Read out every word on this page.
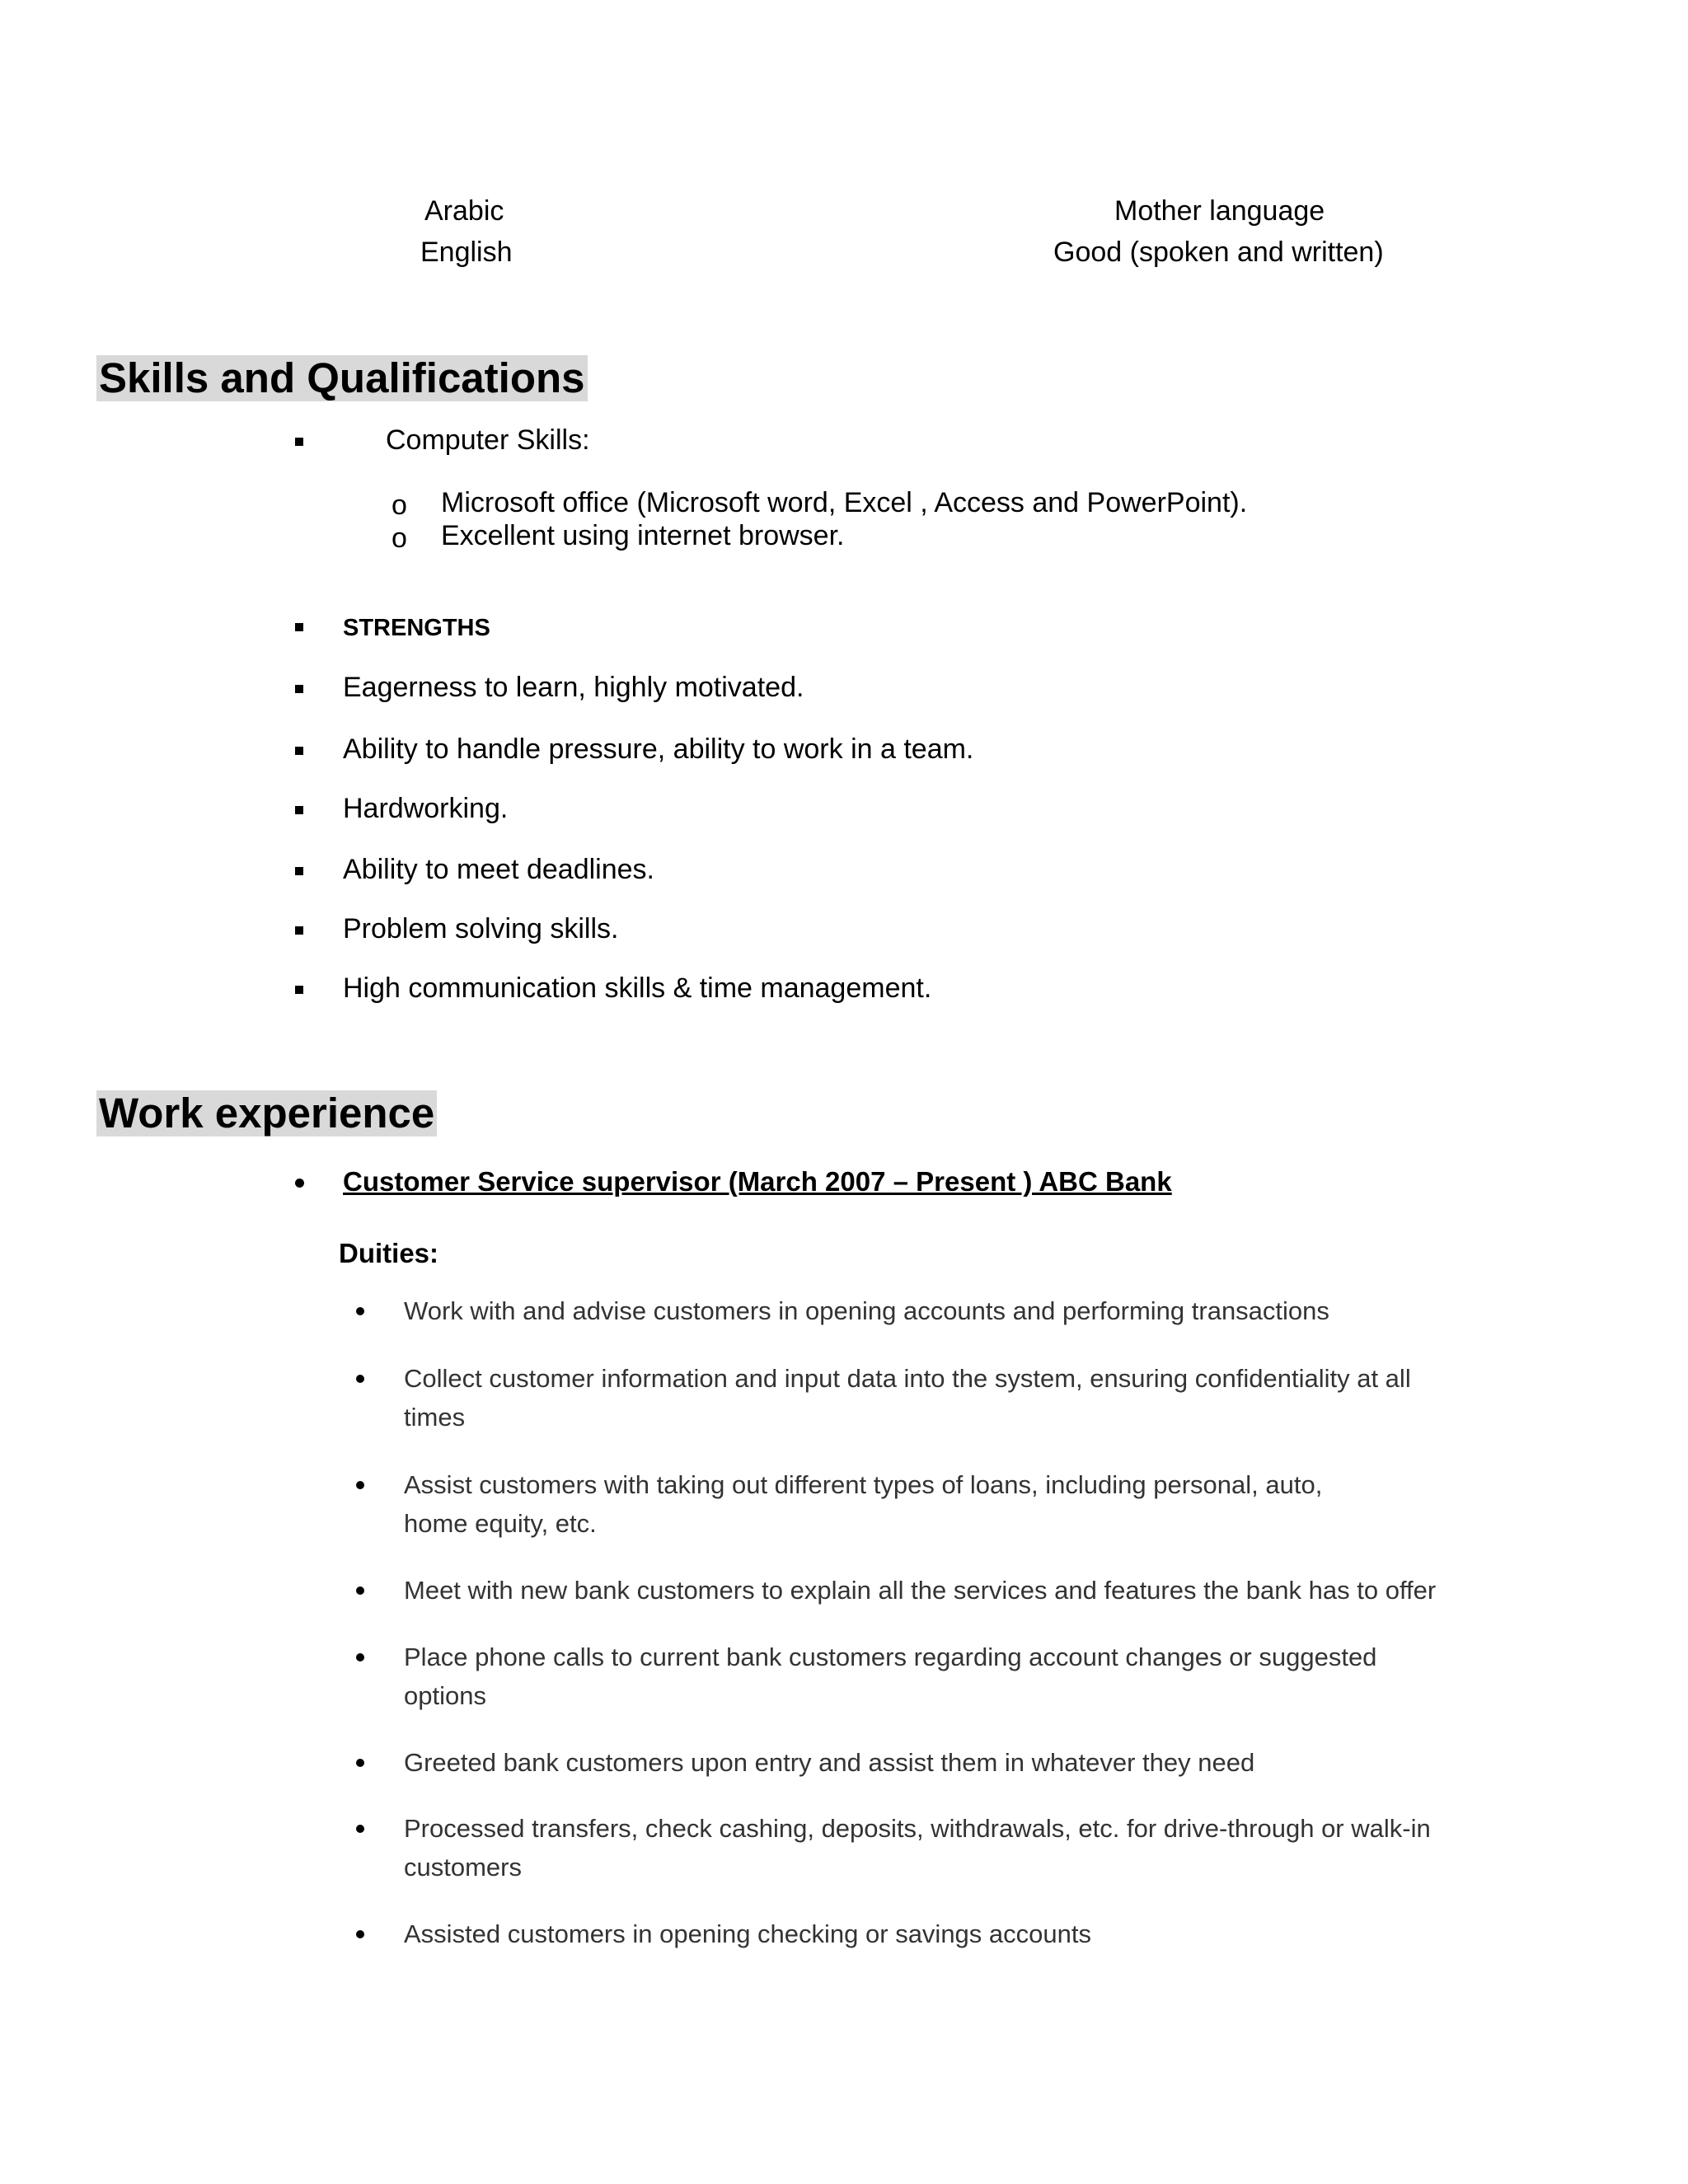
Arabic	Mother language
English	Good (spoken and written)
Skills and Qualifications
Computer Skills:
o Microsoft office (Microsoft word, Excel , Access and PowerPoint).
o Excellent using internet browser.
STRENGTHS
Eagerness to learn, highly motivated.
Ability to handle pressure, ability to work in a team.
Hardworking.
Ability to meet deadlines.
Problem solving skills.
High communication skills & time management.
Work experience
Customer Service supervisor (March 2007 – Present ) ABC Bank
Duities:
Work with and advise customers in opening accounts and performing transactions
Collect customer information and input data into the system, ensuring confidentiality at all times
Assist customers with taking out different types of loans, including personal, auto, home equity, etc.
Meet with new bank customers to explain all the services and features the bank has to offer
Place phone calls to current bank customers regarding account changes or suggested options
Greeted bank customers upon entry and assist them in whatever they need
Processed transfers, check cashing, deposits, withdrawals, etc. for drive-through or walk-in customers
Assisted customers in opening checking or savings accounts
